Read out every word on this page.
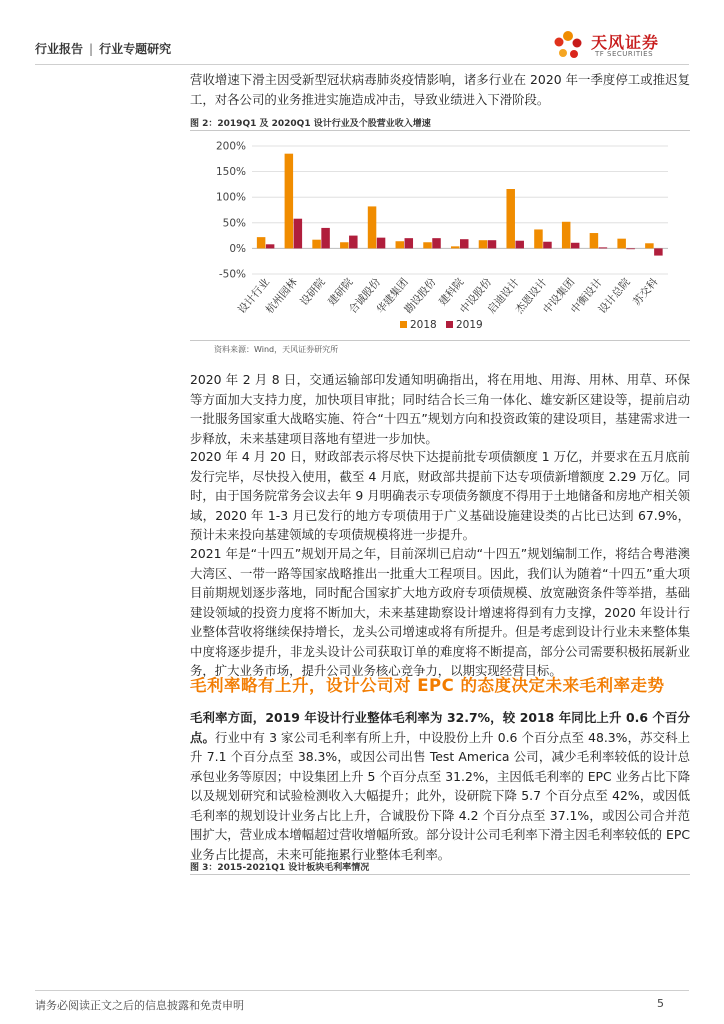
行业报告 | 行业专题研究	天风证券
TF SECURITIES
营收增速下滑主因受新型冠状病毒肺炎疫情影响，诸多行业在 2020 年一季度停工或推迟复工，对各公司的业务推进实施造成冲击，导致业绩进入下滑阶段。
图 2：2019Q1 及 2020Q1 设计行业及个股营业收入增速
200%
150%
100%
50%
0%
-50%
设计行业
杭州园林
设研院
建研院
合诚股份
华建集团
勘设股份
建科院
中设股份
启迪设计
杰恩设计
中设集团
中衡设计
设计总院
苏交科
2018 2019
资料来源：Wind，天风证券研究所
2020 年 2 月 8 日，交通运输部印发通知明确指出，将在用地、用海、用林、用草、环保等方面加大支持力度，加快项目审批；同时结合长三角一体化、雄安新区建设等，提前启动一批服务国家重大战略实施、符合“十四五”规划方向和投资政策的建设项目，基建需求进一步释放，未来基建项目落地有望进一步加快。
2020 年 4 月 20 日，财政部表示将尽快下达提前批专项债额度 1 万亿，并要求在五月底前发行完毕，尽快投入使用，截至 4 月底，财政部共提前下达专项债新增额度 2.29 万亿。同时，由于国务院常务会议去年 9 月明确表示专项债务额度不得用于土地储备和房地产相关领域，2020 年 1-3 月已发行的地方专项债用于广义基础设施建设类的占比已达到 67.9%，预计未来投向基建领域的专项债规模将进一步提升。
2021 年是“十四五”规划开局之年，目前深圳已启动“十四五”规划编制工作，将结合粤港澳大湾区、一带一路等国家战略推出一批重大工程项目。因此，我们认为随着“十四五”重大项目前期规划逐步落地，同时配合国家扩大地方政府专项债规模、放宽融资条件等举措，基础建设领域的投资力度将不断加大，未来基建勘察设计增速将得到有力支撑，2020 年设计行业整体营收将继续保持增长，龙头公司增速或将有所提升。但是考虑到设计行业未来整体集中度将逐步提升，非龙头设计公司获取订单的难度将不断提高，部分公司需要积极拓展新业务，扩大业务市场，提升公司业务核心竞争力，以期实现经营目标。
毛利率略有上升，设计公司对 EPC 的态度决定未来毛利率走势
毛利率方面，2019 年设计行业整体毛利率为 32.7%，较 2018 年同比上升 0.6 个百分点。行业中有 3 家公司毛利率有所上升，中设股份上升 0.6 个百分点至 48.3%，苏交科上升 7.1 个百分点至 38.3%，或因公司出售 Test America 公司，减少毛利率较低的设计总承包业务等原因；中设集团上升 5 个百分点至 31.2%，主因低毛利率的 EPC 业务占比下降以及规划研究和试验检测收入大幅提升；此外，设研院下降 5.7 个百分点至 42%，或因低毛利率的规划设计业务占比上升，合诚股份下降 4.2 个百分点至 37.1%，或因公司合并范围扩大，营业成本增幅超过营收增幅所致。部分设计公司毛利率下滑主因毛利率较低的 EPC 业务占比提高，未来可能拖累行业整体毛利率。
图 3：2015-2021Q1 设计板块毛利率情况
请务必阅读正文之后的信息披露和免责申明	5
